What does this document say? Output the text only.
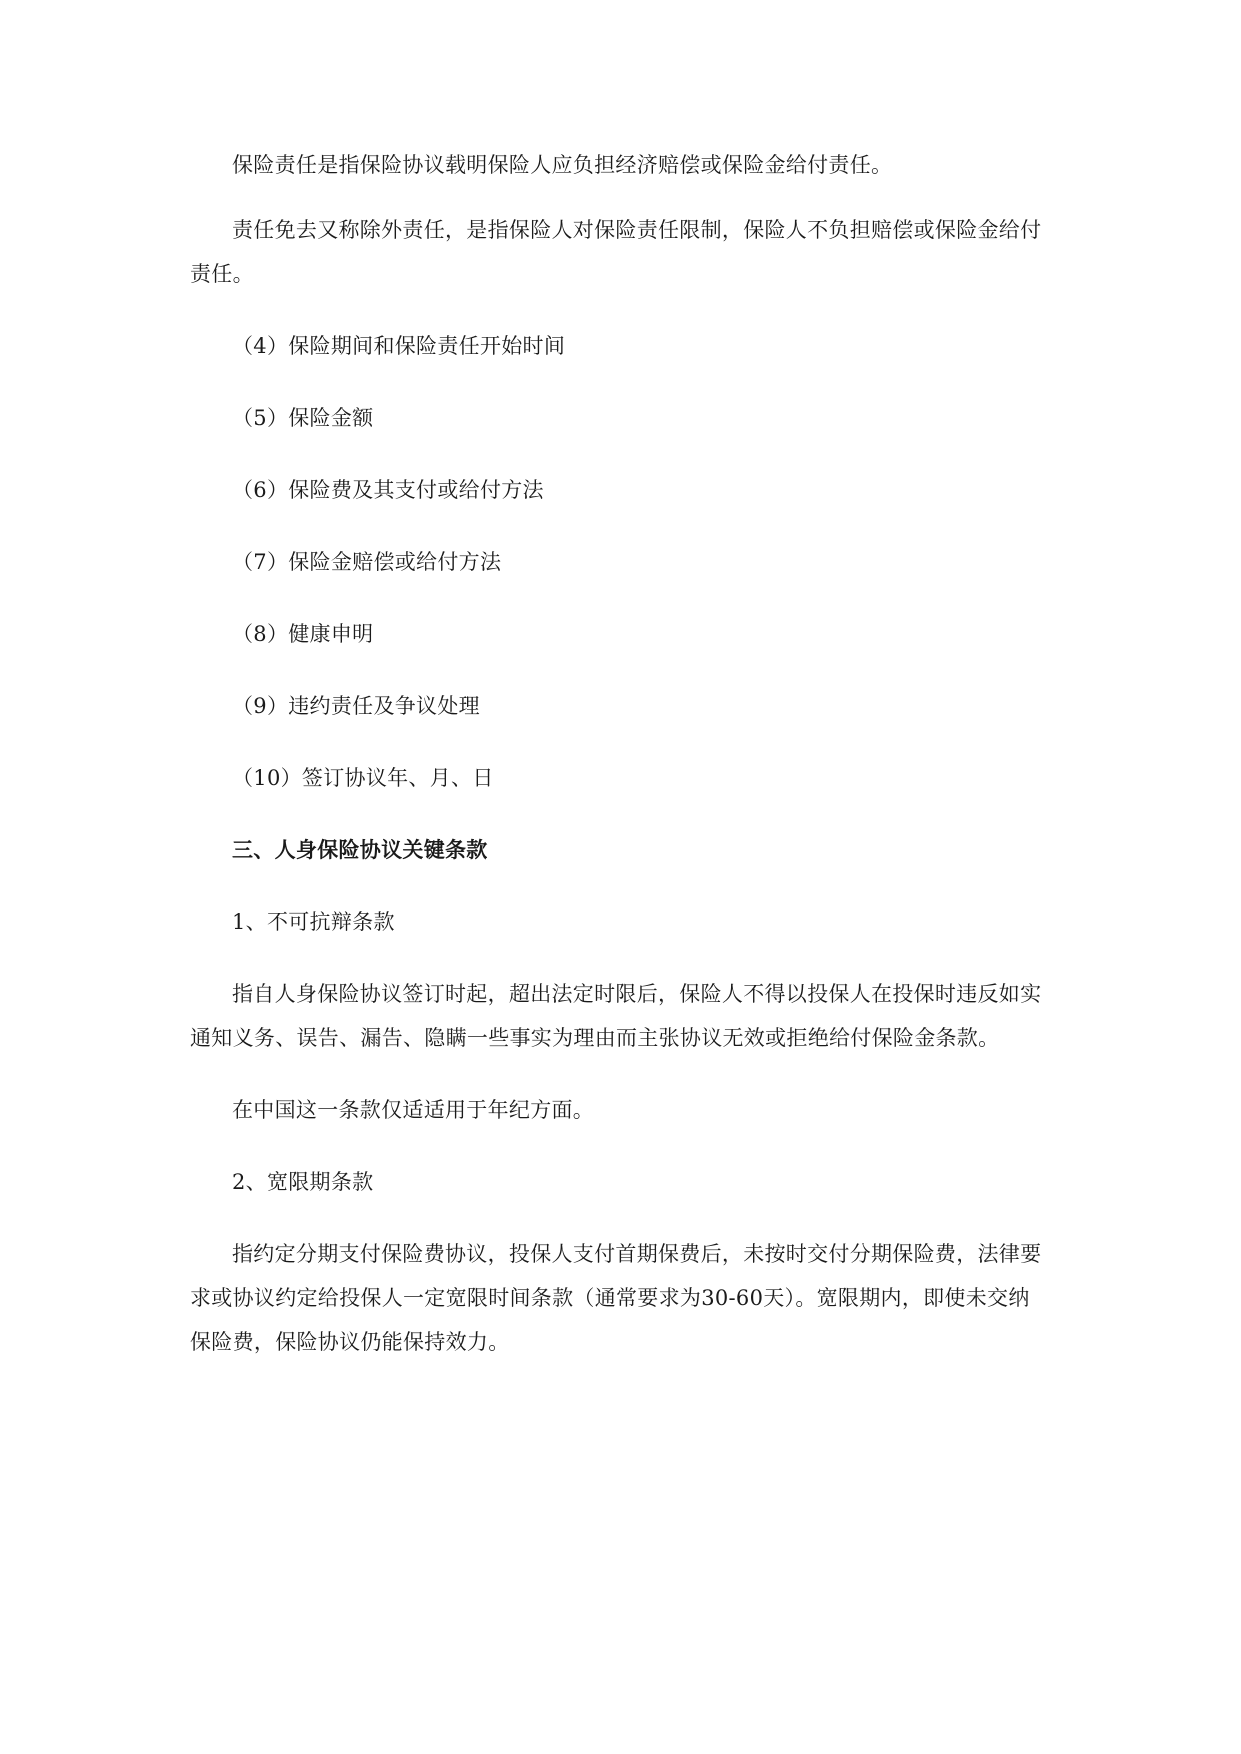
保险责任是指保险协议载明保险人应负担经济赔偿或保险金给付责任。

责任免去又称除外责任，是指保险人对保险责任限制，保险人不负担赔偿或保险金给付责任。

（4）保险期间和保险责任开始时间

（5）保险金额

（6）保险费及其支付或给付方法

（7）保险金赔偿或给付方法

（8）健康申明

（9）违约责任及争议处理

（10）签订协议年、月、日

三、人身保险协议关键条款

1、不可抗辩条款

指自人身保险协议签订时起，超出法定时限后，保险人不得以投保人在投保时违反如实通知义务、误告、漏告、隐瞒一些事实为理由而主张协议无效或拒绝给付保险金条款。

在中国这一条款仅适适用于年纪方面。

2、宽限期条款

指约定分期支付保险费协议，投保人支付首期保费后，未按时交付分期保险费，法律要求或协议约定给投保人一定宽限时间条款（通常要求为30-60天）。宽限期内，即使未交纳保险费，保险协议仍能保持效力。
